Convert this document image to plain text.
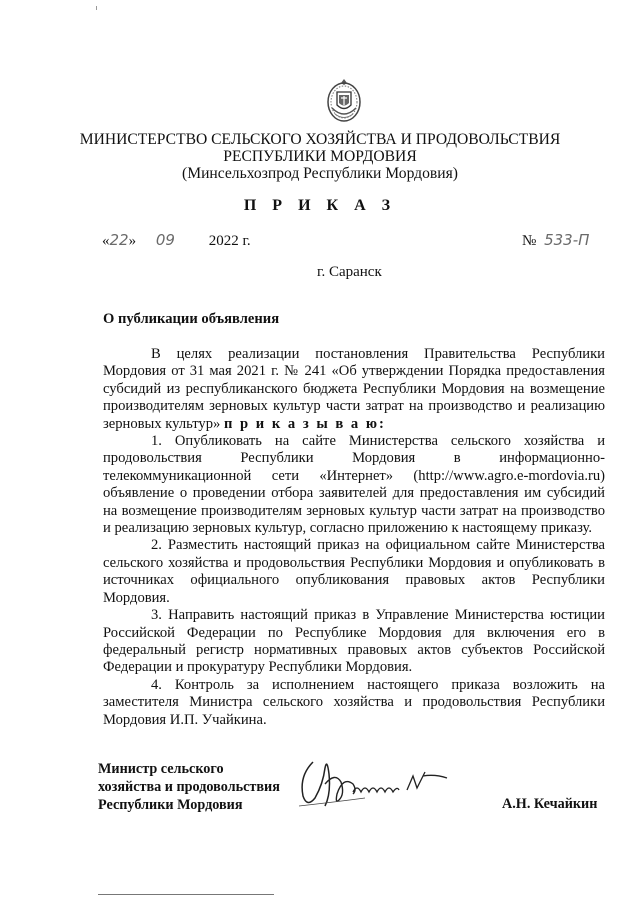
МИНИСТЕРСТВО СЕЛЬСКОГО ХОЗЯЙСТВА И ПРОДОВОЛЬСТВИЯ
РЕСПУБЛИКИ МОРДОВИЯ
(Минсельхозпрод Республики Мордовия)
П Р И К А З
«22» 09 2022 г.	№ 533-П
г. Саранск
О публикации объявления

В целях реализации постановления Правительства Республики Мордовия от 31 мая 2021 г. № 241 «Об утверждении Порядка предоставления субсидий из республиканского бюджета Республики Мордовия на возмещение производителям зерновых культур части затрат на производство и реализацию зерновых культур» п р и к а з ы в а ю:

1. Опубликовать на сайте Министерства сельского хозяйства и продовольствия Республики Мордовия в информационно-телекоммуникационной сети «Интернет» (http://www.agro.e-mordovia.ru) объявление о проведении отбора заявителей для предоставления им субсидий на возмещение производителям зерновых культур части затрат на производство и реализацию зерновых культур, согласно приложению к настоящему приказу.

2. Разместить настоящий приказ на официальном сайте Министерства сельского хозяйства и продовольствия Республики Мордовия и опубликовать в источниках официального опубликования правовых актов Республики Мордовия.

3. Направить настоящий приказ в Управление Министерства юстиции Российской Федерации по Республике Мордовия для включения его в федеральный регистр нормативных правовых актов субъектов Российской Федерации и прокуратуру Республики Мордовия.

4. Контроль за исполнением настоящего приказа возложить на заместителя Министра сельского хозяйства и продовольствия Республики Мордовия И.П. Учайкина.

Министр сельского
хозяйства и продовольствия
Республики Мордовия	А.Н. Кечайкин
